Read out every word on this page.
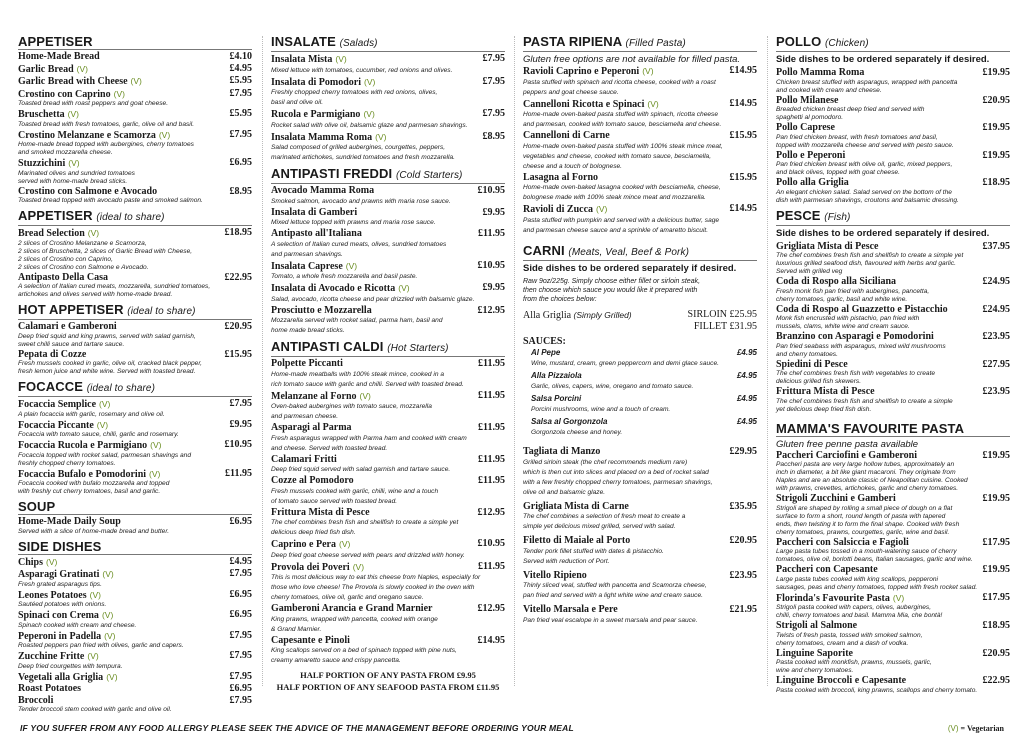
APPETISER
Home-Made Bread	£4.10
Garlic Bread (V)	£4.95
Garlic Bread with Cheese (V)	£5.95
Crostino con Caprino (V)	£7.95
Toasted bread with roast peppers and goat cheese.
Bruschetta (V)	£5.95
Toasted bread with fresh tomatoes, garlic, olive oil and basil.
Crostino Melanzane e Scamorza (V)	£7.95
Home-made bread topped with aubergines, cherry tomatoes
and smoked mozzarella cheese.
Stuzzichini (V)	£6.95
Marinated olives and sundried tomatoes
served with home-made bread sticks.
Crostino con Salmone e Avocado	£8.95
Toasted bread topped with avocado paste and smoked salmon.
APPETISER (ideal to share)
Bread Selection (V)	£18.95
2 slices of Crostino Melanzane e Scamorza,
2 slices of Bruschetta, 2 slices of Garlic Bread with Cheese,
2 slices of Crostino con Caprino,
2 slices of Crostino con Salmone e Avocado.
Antipasto Della Casa	£22.95
A selection of Italian cured meats, mozzarella, sundried tomatoes,
artichokes and olives served with home-made bread.
HOT APPETISER (ideal to share)
Calamari e Gamberoni	£20.95
Deep fried squid and king prawns, served with salad garnish,
sweet chilli sauce and tartare sauce.
Pepata di Cozze	£15.95
Fresh mussels cooked in garlic, olive oil, cracked black pepper,
fresh lemon juice and white wine. Served with toasted bread.
FOCACCE (ideal to share)
Focaccia Semplice (V)	£7.95
A plain focaccia with garlic, rosemary and olive oil.
Focaccia Piccante (V)	£9.95
Focaccia with tomato sauce, chilli, garlic and rosemary.
Focaccia Rucola e Parmigiano (V)	£10.95
Focaccia topped with rocket salad, parmesan shavings and
freshly chopped cherry tomatoes.
Focaccia Bufalo e Pomodorini (V)	£11.95
Focaccia cooked with bufalo mozzarella and topped
with freshly cut cherry tomatoes, basil and garlic.
SOUP
Home-Made Daily Soup	£6.95
Served with a slice of home-made bread and butter.
SIDE DISHES
Chips (V)	£4.95
Asparagi Gratinati (V)	£7.95
Fresh grated asparagus tips.
Leones Potatoes (V)	£6.95
Sautéed potatoes with onions.
Spinaci con Crema (V)	£6.95
Spinach cooked with cream and cheese.
Peperoni in Padella (V)	£7.95
Roasted peppers pan fried with olives, garlic and capers.
Zucchine Fritte (V)	£7.95
Deep fried courgettes with tempura.
Vegetali alla Griglia (V)	£7.95
Roast Potatoes	£6.95
Broccoli	£7.95
Tender broccoli stem cooked with garlic and olive oil.
INSALATE (Salads)
Insalata Mista (V)	£7.95
Mixed lettuce with tomatoes, cucumber, red onions and olives.
Insalata di Pomodori (V)	£7.95
Freshly chopped cherry tomatoes with red onions, olives,
basil and olive oil.
Rucola e Parmigiano (V)	£7.95
Rocket salad with olive oil, balsamic glaze and parmesan shavings.
Insalata Mamma Roma (V)	£8.95
Salad composed of grilled aubergines, courgettes, peppers,
marinated artichokes, sundried tomatoes and fresh mozzarella.
ANTIPASTI FREDDI (Cold Starters)
Avocado Mamma Roma	£10.95
Smoked salmon, avocado and prawns with maria rose sauce.
Insalata di Gamberi	£9.95
Mixed lettuce topped with prawns and maria rose sauce.
Antipasto all'Italiana	£11.95
A selection of Italian cured meats, olives, sundried tomatoes
and parmesan shavings.
Insalata Caprese (V)	£10.95
Tomato, a whole fresh mozzarella and basil paste.
Insalata di Avocado e Ricotta (V)	£9.95
Salad, avocado, ricotta cheese and pear drizzled with balsamic glaze.
Prosciutto e Mozzarella	£12.95
Mozzarella served with rocket salad, parma ham, basil and
home made bread sticks.
ANTIPASTI CALDI (Hot Starters)
Polpette Piccanti	£11.95
Home-made meatballs with 100% steak mince, cooked in a
rich tomato sauce with garlic and chilli. Served with toasted bread.
Melanzane al Forno (V)	£11.95
Oven-baked aubergines with tomato sauce, mozzarella
and parmesan cheese.
Asparagi al Parma	£11.95
Fresh asparagus wrapped with Parma ham and cooked with cream
and cheese. Served with toasted bread.
Calamari Fritti	£11.95
Deep fried squid served with salad garnish and tartare sauce.
Cozze al Pomodoro	£11.95
Fresh mussels cooked with garlic, chilli, wine and a touch
of tomato sauce served with toasted bread.
Frittura Mista di Pesce	£12.95
The chef combines fresh fish and shellfish to create a simple yet
delicious deep fried fish dish.
Caprino e Pera (V)	£10.95
Deep fried goat cheese served with pears and drizzled with honey.
Provola dei Poveri (V)	£11.95
This is most delicious way to eat this cheese from Naples, especially for
those who love cheese! The Provola is slowly cooked in the oven with
cherry tomatoes, olive oil, garlic and oregano sauce.
Gamberoni Arancia e Grand Marnier	£12.95
King prawns, wrapped with pancetta, cooked with orange
& Grand Marnier.
Capesante e Pinoli	£14.95
King scallops served on a bed of spinach topped with pine nuts,
creamy amaretto sauce and crispy pancetta.
HALF PORTION OF ANY PASTA FROM £9.95
HALF PORTION OF ANY SEAFOOD PASTA FROM £11.95
PASTA RIPIENA (Filled Pasta)
Gluten free options are not available for filled pasta.
Ravioli Caprino e Peperoni (V)	£14.95
Pasta stuffed with spinach and ricotta cheese, cooked with a roast
peppers and goat cheese sauce.
Cannelloni Ricotta e Spinaci (V)	£14.95
Home-made oven-baked pasta stuffed with spinach, ricotta cheese
and parmesan, cooked with tomato sauce, besciamella and cheese.
Cannelloni di Carne	£15.95
Home-made oven-baked pasta stuffed with 100% steak mince meat,
vegetables and cheese, cooked with tomato sauce, besciamella,
cheese and a touch of bolognese.
Lasagna al Forno	£15.95
Home-made oven-baked lasagna cooked with besciamella, cheese,
bolognese made with 100% steak mince meat and mozzarella.
Ravioli di Zucca (V)	£14.95
Pasta stuffed with pumpkin and served with a delicious butter, sage
and parmesan cheese sauce and a sprinkle of amaretto biscuit.
CARNI (Meats, Veal, Beef & Pork)
Side dishes to be ordered separately if desired.
Raw 9oz/225g. Simply choose either fillet or sirloin steak,
then choose which sauce you would like it prepared with
from the choices below:
Alla Griglia (Simply Grilled)	SIRLOIN £25.95
FILLET £31.95
SAUCES:
Al Pepe	£4.95
Wine, mustard, cream, green peppercorn and demi glace sauce.
Alla Pizzaiola	£4.95
Garlic, olives, capers, wine, oregano and tomato sauce.
Salsa Porcini	£4.95
Porcini mushrooms, wine and a touch of cream.
Salsa al Gorgonzola	£4.95
Gorgonzola cheese and honey.
Tagliata di Manzo	£29.95
Grilled sirloin steak (the chef recommends medium rare)
which is then cut into slices and placed on a bed of rocket salad
with a few freshly chopped cherry tomatoes, parmesan shavings,
olive oil and balsamic glaze.
Grigliata Mista di Carne	£35.95
The chef combines a selection of fresh meat to create a
simple yet delicious mixed grilled, served with salad.
Filetto di Maiale al Porto	£20.95
Tender pork fillet stuffed with dates & pistacchio.
Served with reduction of Port.
Vitello Ripieno	£23.95
Thinly sliced veal, stuffed with pancetta and Scamorza cheese,
pan fried and served with a light white wine and cream sauce.
Vitello Marsala e Pere	£21.95
Pan fried veal escalope in a sweet marsala and pear sauce.
POLLO (Chicken)
Side dishes to be ordered separately if desired.
Pollo Mamma Roma	£19.95
Chicken breast stuffed with asparagus, wrapped with pancetta
and cooked with cream and cheese.
Pollo Milanese	£20.95
Breaded chicken breast deep fried and served with
spaghetti al pomodoro.
Pollo Caprese	£19.95
Pan fried chicken breast, with fresh tomatoes and basil,
topped with mozzarella cheese and served with pesto sauce.
Pollo e Peperoni	£19.95
Pan fried chicken breast with olive oil, garlic, mixed peppers,
and black olives, topped with goat cheese.
Pollo alla Griglia	£18.95
An elegant chicken salad. Salad served on the bottom of the
dish with parmesan shavings, croutons and balsamic dressing.
PESCE (Fish)
Side dishes to be ordered separately if desired.
Grigliata Mista di Pesce	£37.95
The chef combines fresh fish and shellfish to create a simple yet
luxurious grilled seafood dish, flavoured with herbs and garlic.
Served with grilled veg
Coda di Rospo alla Siciliana	£24.95
Fresh monk fish pan fried with aubergines, pancetta,
cherry tomatoes, garlic, basil and white wine.
Coda di Rospo al Guazzetto e Pistacchio	£24.95
Monk fish encrusted with pistachio, pan fried with
mussels, clams, white wine and cream sauce.
Branzino con Asparagi e Pomodorini	£23.95
Pan fried seabass with asparagus, mixed wild mushrooms
and cherry tomatoes.
Spiedini di Pesce	£27.95
The chef combines fresh fish with vegetables to create
delicious grilled fish skewers.
Frittura Mista di Pesce	£23.95
The chef combines fresh fish and shellfish to create a simple
yet delicious deep fried fish dish.
MAMMA'S FAVOURITE PASTA
Gluten free penne pasta available
Paccheri Carciofini e Gamberoni	£19.95
Paccheri pasta are very large hollow tubes, approximately an
inch in diameter, a bit like giant macaroni. They originate from
Naples and are an absolute classic of Neapolitan cuisine. Cooked
with prawns, crevettes, artichokes, garlic and cherry tomatoes.
Strigoli Zucchini e Gamberi	£19.95
Strigoli are shaped by rolling a small piece of dough on a flat
surface to form a short, round length of pasta with tapered
ends, then twisting it to form the final shape. Cooked with fresh
cherry tomatoes, prawns, courgettes, garlic, wine and basil.
Paccheri con Salsiccia e Fagioli	£17.95
Large pasta tubes tossed in a mouth-watering sauce of cherry
tomatoes, olive oil, borlotti beans, Italian sausages, garlic and wine.
Paccheri con Capesante	£19.95
Large pasta tubes cooked with king scallops, pepperoni
sausages, peas and cherry tomatoes, topped with fresh rocket salad.
Florinda's Favourite Pasta (V)	£17.95
Strigoli pasta cooked with capers, olives, aubergines,
chilli, cherry tomatoes and basil. Mamma Mia, che bontà!
Strigoli al Salmone	£18.95
Twists of fresh pasta, tossed with smoked salmon,
cherry tomatoes, cream and a dash of vodka.
Linguine Saporite	£20.95
Pasta cooked with monkfish, prawns, mussels, garlic,
wine and cherry tomatoes.
Linguine Broccoli e Capesante	£22.95
Pasta cooked with broccoli, king prawns, scallops and cherry tomato.
IF YOU SUFFER FROM ANY FOOD ALLERGY PLEASE SEEK THE ADVICE OF THE MANAGEMENT BEFORE ORDERING YOUR MEAL	(V) = Vegetarian
